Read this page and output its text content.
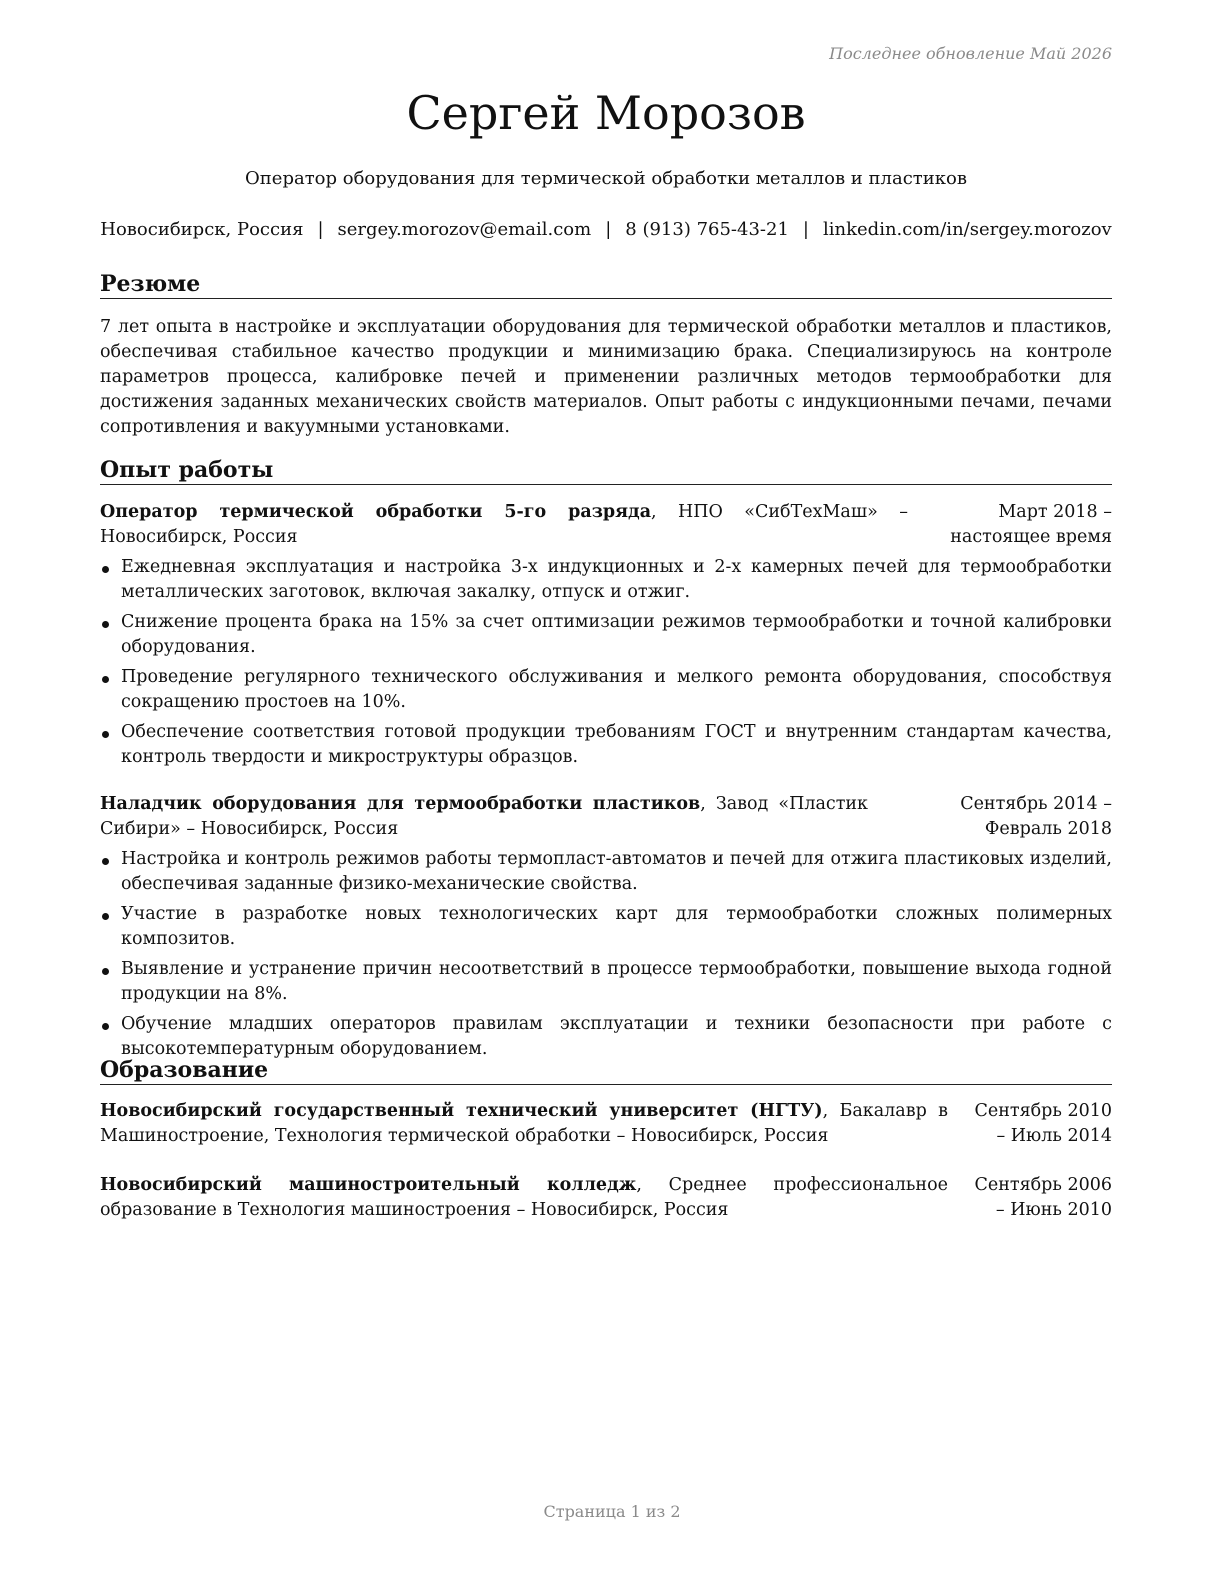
Последнее обновление Май 2026
Сергей Морозов
Оператор оборудования для термической обработки металлов и пластиков
Новосибирск, Россия | sergey.morozov@email.com | 8 (913) 765-43-21 | linkedin.com/in/sergey.morozov
Резюме
7 лет опыта в настройке и эксплуатации оборудования для термической обработки металлов и пластиков, обеспечивая стабильное качество продукции и минимизацию брака. Специализируюсь на контроле параметров процесса, калибровке печей и применении различных методов термообработки для достижения заданных механических свойств материалов. Опыт работы с индукционными печами, печами сопротивления и вакуумными установками.
Опыт работы
Оператор термической обработки 5-го разряда, НПО «СибТехМаш» – Новосибирск, Россия
Март 2018 – настоящее время
Ежедневная эксплуатация и настройка 3-х индукционных и 2-х камерных печей для термообработки металлических заготовок, включая закалку, отпуск и отжиг.
Снижение процента брака на 15% за счет оптимизации режимов термообработки и точной калибровки оборудования.
Проведение регулярного технического обслуживания и мелкого ремонта оборудования, способствуя сокращению простоев на 10%.
Обеспечение соответствия готовой продукции требованиям ГОСТ и внутренним стандартам качества, контроль твердости и микроструктуры образцов.
Наладчик оборудования для термообработки пластиков, Завод «Пластик Сибири» – Новосибирск, Россия
Сентябрь 2014 – Февраль 2018
Настройка и контроль режимов работы термопласт-автоматов и печей для отжига пластиковых изделий, обеспечивая заданные физико-механические свойства.
Участие в разработке новых технологических карт для термообработки сложных полимерных композитов.
Выявление и устранение причин несоответствий в процессе термообработки, повышение выхода годной продукции на 8%.
Обучение младших операторов правилам эксплуатации и техники безопасности при работе с высокотемпературным оборудованием.
Образование
Новосибирский государственный технический университет (НГТУ), Бакалавр в Машиностроение, Технология термической обработки – Новосибирск, Россия
Сентябрь 2010 – Июль 2014
Новосибирский машиностроительный колледж, Среднее профессиональное образование в Технология машиностроения – Новосибирск, Россия
Сентябрь 2006 – Июнь 2010
Страница 1 из 2
